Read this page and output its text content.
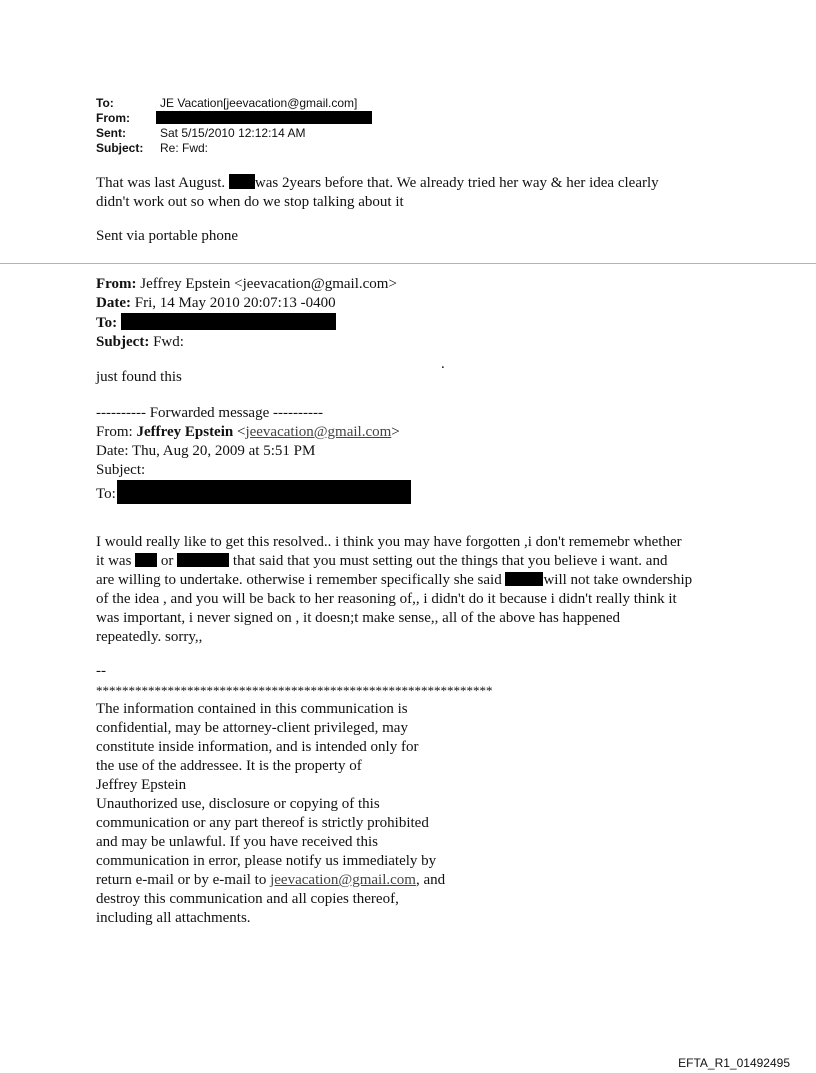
To:	JE Vacation[jeevacation@gmail.com]
From:
Sent:	Sat 5/15/2010 12:12:14 AM
Subject: Re: Fwd:
That was last August. was 2years before that. We already tried her way & her idea clearly
didn't work out so when do we stop talking about it
Sent via portable phone
From: Jeffrey Epstein <jeevacation@gmail.com>
Date: Fri, 14 May 2010 20:07:13 -0400
To:
Subject: Fwd:
.
just found this
---------- Forwarded message ----------
From: Jeffrey Epstein <jeevacation@gmail.com>
Date: Thu, Aug 20, 2009 at 5:51 PM
Subject:
To:
I would really like to get this resolved.. i think you may have forgotten ,i don't rememebr whether
it was or	that said that you must setting out the things that you believe i want. and
are willing to undertake. otherwise i remember specifically she said	will not take owndership
of the idea , and you will be back to her reasoning of,, i didn't do it because i didn't really think it
was important, i never signed on , it doesn;t make sense,, all of the above has happened
repeatedly. sorry,,
--
*************************************************************
The information contained in this communication is
confidential, may be attorney-client privileged, may
constitute inside information, and is intended only for
the use of the addressee. It is the property of
Jeffrey Epstein
Unauthorized use, disclosure or copying of this
communication or any part thereof is strictly prohibited
and may be unlawful. If you have received this
communication in error, please notify us immediately by
return e-mail or by e-mail to jeevacation@gmail.com, and
destroy this communication and all copies thereof,
including all attachments.
EFTA_R1_01492495
